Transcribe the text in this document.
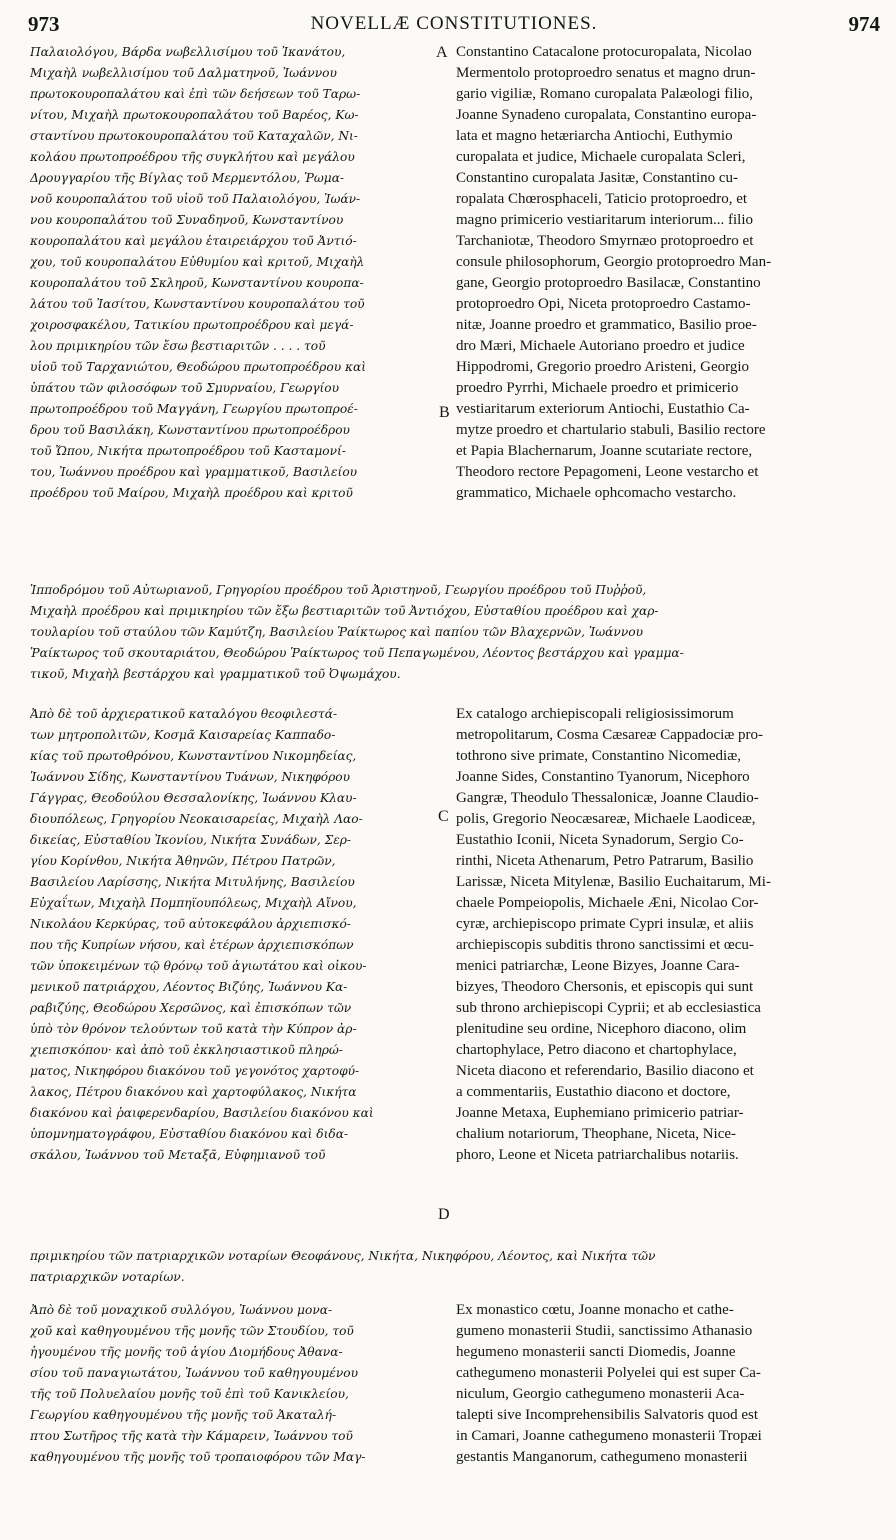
973	NOVELLÆ CONSTITUTIONES.	974
A
B
C
D
Παλαιολόγου, Βάρδα νωβελλισίμου τοῦ Ἰκανάτου,
Μιχαὴλ νωβελλισίμου τοῦ Δαλματηνοῦ, Ἰωάννου
πρωτοκουροπαλάτου καὶ ἐπὶ τῶν δεήσεων τοῦ Ταρω-
νίτου, Μιχαὴλ πρωτοκουροπαλάτου τοῦ Βαρέος, Κω-
σταντίνου πρωτοκουροπαλάτου τοῦ Καταχαλῶν, Νι-
κολάου πρωτοπροέδρου τῆς συγκλήτου καὶ μεγάλου
Δρουγγαρίου τῆς Βίγλας τοῦ Μερμεντόλου, Ῥωμα-
νοῦ κουροπαλάτου τοῦ υἱοῦ τοῦ Παλαιολόγου, Ἰωάν-
νου κουροπαλάτου τοῦ Συναδηνοῦ, Κωνσταντίνου
κουροπαλάτου καὶ μεγάλου ἑταιρειάρχου τοῦ Ἀντιό-
χου, τοῦ κουροπαλάτου Εὐθυμίου καὶ κριτοῦ, Μιχαὴλ
κουροπαλάτου τοῦ Σκληροῦ, Κωνσταντίνου κουροπα-
λάτου τοῦ Ἰασίτου, Κωνσταντίνου κουροπαλάτου τοῦ
χοιροσφακέλου, Τατικίου πρωτοπροέδρου καὶ μεγά-
λου πριμικηρίου τῶν ἔσω βεστιαριτῶν . . . . τοῦ
υἱοῦ τοῦ Ταρχανιώτου, Θεοδώρου πρωτοπροέδρου καὶ
ὑπάτου τῶν φιλοσόφων τοῦ Σμυρναίου, Γεωργίου
πρωτοπροέδρου τοῦ Μαγγάνη, Γεωργίου πρωτοπροέ-
δρου τοῦ Βασιλάκη, Κωνσταντίνου πρωτοπροέδρου
τοῦ Ὤπου, Νικήτα πρωτοπροέδρου τοῦ Κασταμονί-
του, Ἰωάννου προέδρου καὶ γραμματικοῦ, Βασιλείου
προέδρου τοῦ Μαίρου, Μιχαὴλ προέδρου καὶ κριτοῦ
Constantino Catacalone protocuropalata, Nicolao
Mermentolo protoproedro senatus et magno drun-
gario vigiliæ, Romano curopalata Palæologi filio,
Joanne Synadeno curopalata, Constantino europa-
lata et magno hetæriarcha Antiochi, Euthymio
curopalata et judice, Michaele curopalata Scleri,
Constantino curopalata Jasitæ, Constantino cu-
ropalata Chœrosphaceli, Taticio protoproedro, et
magno primicerio vestiaritarum interiorum... filio
Tarchaniotæ, Theodoro Smyrnæo protoproedro et
consule philosophorum, Georgio protoproedro Man-
gane, Georgio protoproedro Basilacæ, Constantino
protoproedro Opi, Niceta protoproedro Castamo-
nitæ, Joanne proedro et grammatico, Basilio proe-
dro Mæri, Michaele Autoriano proedro et judice
Hippodromi, Gregorio proedro Aristeni, Georgio
proedro Pyrrhi, Michaele proedro et primicerio
vestiaritarum exteriorum Antiochi, Eustathio Ca-
mytze proedro et chartulario stabuli, Basilio rectore
et Papia Blachernarum, Joanne scutariate rectore,
Theodoro rectore Pepagomeni, Leone vestarcho et
grammatico, Michaele ophcomacho vestarcho.
Ἱπποδρόμου τοῦ Αὐτωριανοῦ, Γρηγορίου προέδρου τοῦ Ἀριστηνοῦ, Γεωργίου προέδρου τοῦ Πυῤῥοῦ,
Μιχαὴλ προέδρου καὶ πριμικηρίου τῶν ἔξω βεστιαριτῶν τοῦ Ἀντιόχου, Εὐσταθίου προέδρου καὶ χαρ-
τουλαρίου τοῦ σταύλου τῶν Καμύτζη, Βασιλείου Ῥαίκτωρος καὶ παπίου τῶν Βλαχερνῶν, Ἰωάννου
Ῥαίκτωρος τοῦ σκουταριάτου, Θεοδώρου Ῥαίκτωρος τοῦ Πεπαγωμένου, Λέοντος βεστάρχου καὶ γραμμα-
τικοῦ, Μιχαὴλ βεστάρχου καὶ γραμματικοῦ τοῦ Ὀψωμάχου.
Ἀπὸ δὲ τοῦ ἀρχιερατικοῦ καταλόγου θεοφιλεστά-
των μητροπολιτῶν, Κοσμᾶ Καισαρείας Καππαδο-
κίας τοῦ πρωτοθρόνου, Κωνσταντίνου Νικομηδείας,
Ἰωάννου Σίδης, Κωνσταντίνου Τυάνων, Νικηφόρου
Γάγγρας, Θεοδούλου Θεσσαλονίκης, Ἰωάννου Κλαυ-
διουπόλεως, Γρηγορίου Νεοκαισαρείας, Μιχαὴλ Λαο-
δικείας, Εὐσταθίου Ἰκονίου, Νικήτα Συνάδων, Σερ-
γίου Κορίνθου, Νικήτα Ἀθηνῶν, Πέτρου Πατρῶν,
Βασιλείου Λαρίσσης, Νικήτα Μιτυλήνης, Βασιλείου
Εὐχαΐτων, Μιχαὴλ Πομπηϊουπόλεως, Μιχαὴλ Αἴνου,
Νικολάου Κερκύρας, τοῦ αὐτοκεφάλου ἀρχιεπισκό-
που τῆς Κυπρίων νήσου, καὶ ἑτέρων ἀρχιεπισκόπων
τῶν ὑποκειμένων τῷ θρόνῳ τοῦ ἁγιωτάτου καὶ οἰκου-
μενικοῦ πατριάρχου, Λέοντος Βιζύης, Ἰωάννου Κα-
ραβιζύης, Θεοδώρου Χερσῶνος, καὶ ἐπισκόπων τῶν
ὑπὸ τὸν θρόνον τελούντων τοῦ κατὰ τὴν Κύπρον ἀρ-
χιεπισκόπου· καὶ ἀπὸ τοῦ ἐκκλησιαστικοῦ πληρώ-
ματος, Νικηφόρου διακόνου τοῦ γεγονότος χαρτοφύ-
λακος, Πέτρου διακόνου καὶ χαρτοφύλακος, Νικήτα
διακόνου καὶ ῥαιφερενδαρίου, Βασιλείου διακόνου καὶ
ὑπομνηματογράφου, Εὐσταθίου διακόνου καὶ διδα-
σκάλου, Ἰωάννου τοῦ Μεταξᾶ, Εὐφημιανοῦ τοῦ
Ex catalogo archiepiscopali religiosissimorum
metropolitarum, Cosma Cæsareæ Cappadociæ pro-
tothrono sive primate, Constantino Nicomediæ,
Joanne Sides, Constantino Tyanorum, Nicephoro
Gangræ, Theodulo Thessalonicæ, Joanne Claudio-
polis, Gregorio Neocæsareæ, Michaele Laodiceæ,
Eustathio Iconii, Niceta Synadorum, Sergio Co-
rinthi, Niceta Athenarum, Petro Patrarum, Basilio
Larissæ, Niceta Mitylenæ, Basilio Euchaitarum, Mi-
chaele Pompeiopolis, Michaele Æni, Nicolao Cor-
cyræ, archiepiscopo primate Cypri insulæ, et aliis
archiepiscopis subditis throno sanctissimi et œcu-
menici patriarchæ, Leone Bizyes, Joanne Cara-
bizyes, Theodoro Chersonis, et episcopis qui sunt
sub throno archiepiscopi Cyprii; et ab ecclesiastica
plenitudine seu ordine, Nicephoro diacono, olim
chartophylace, Petro diacono et chartophylace,
Niceta diacono et referendario, Basilio diacono et
a commentariis, Eustathio diacono et doctore,
Joanne Metaxa, Euphemiano primicerio patriar-
chalium notariorum, Theophane, Niceta, Nice-
phoro, Leone et Niceta patriarchalibus notariis.
πριμικηρίου τῶν πατριαρχικῶν νοταρίων Θεοφάνους, Νικήτα, Νικηφόρου, Λέοντος, καὶ Νικήτα τῶν
πατριαρχικῶν νοταρίων.
Ἀπὸ δὲ τοῦ μοναχικοῦ συλλόγου, Ἰωάννου μονα-
χοῦ καὶ καθηγουμένου τῆς μονῆς τῶν Στουδίου, τοῦ
ἡγουμένου τῆς μονῆς τοῦ ἁγίου Διομήδους Ἀθανα-
σίου τοῦ παναγιωτάτου, Ἰωάννου τοῦ καθηγουμένου
τῆς τοῦ Πολυελαίου μονῆς τοῦ ἐπὶ τοῦ Κανικλείου,
Γεωργίου καθηγουμένου τῆς μονῆς τοῦ Ἀκαταλή-
πτου Σωτῆρος τῆς κατὰ τὴν Κάμαρειν, Ἰωάννου τοῦ
καθηγουμένου τῆς μονῆς τοῦ τροπαιοφόρου τῶν Μαγ-
Ex monastico cœtu, Joanne monacho et cathe-
gumeno monasterii Studii, sanctissimo Athanasio
hegumeno monasterii sancti Diomedis, Joanne
cathegumeno monasterii Polyelei qui est super Ca-
niculum, Georgio cathegumeno monasterii Aca-
talepti sive Incomprehensibilis Salvatoris quod est
in Camari, Joanne cathegumeno monasterii Tropæi
gestantis Manganorum, cathegumeno monasterii
